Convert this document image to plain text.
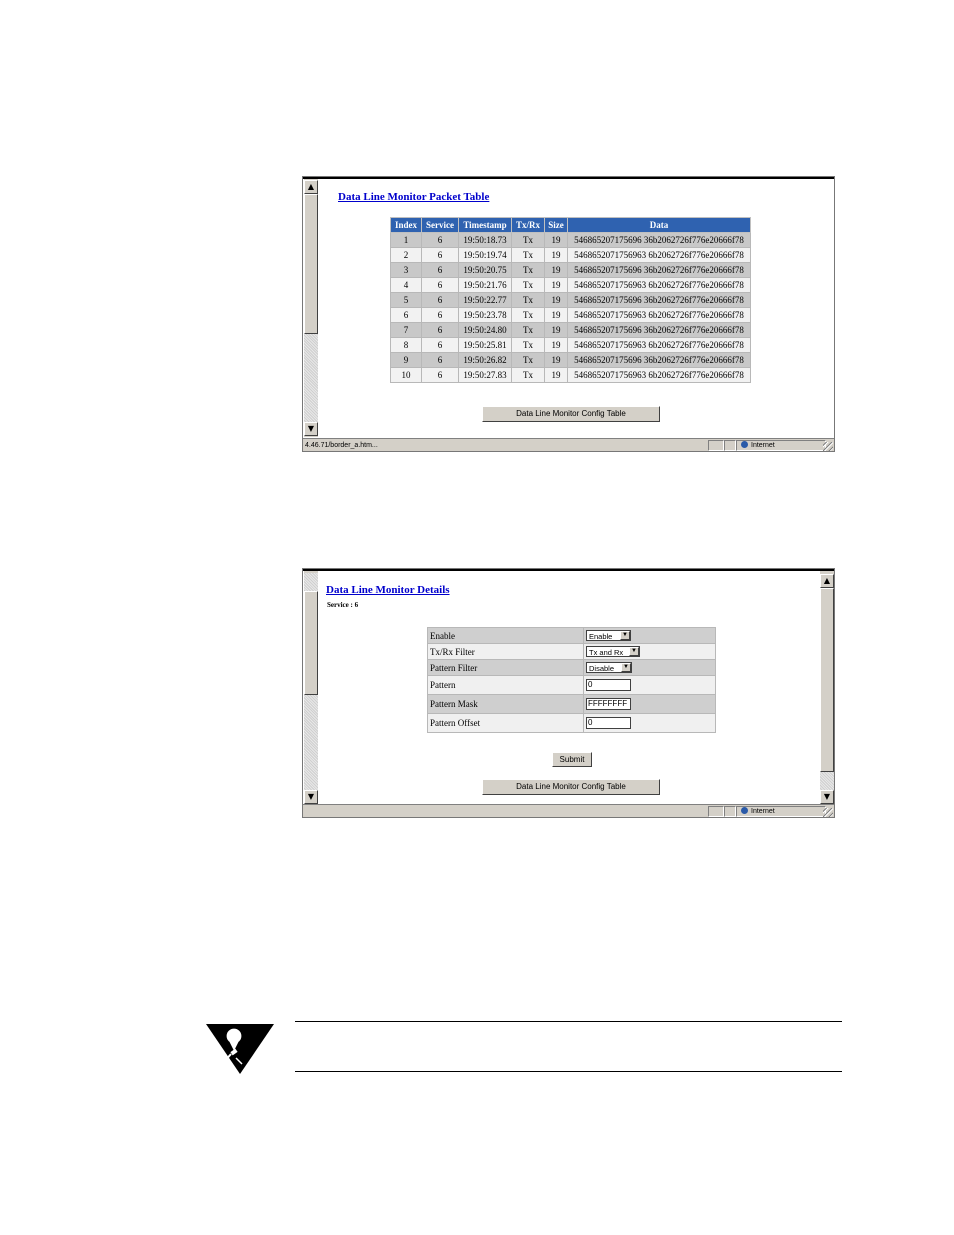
▲
▼
Data Line Monitor Packet Table
Index	Service	Timestamp	Tx/Rx	Size	Data
1	6	19:50:18.73	Tx	19	546865207175696 36b2062726f776e20666f78
2	6	19:50:19.74	Tx	19	5468652071756963 6b2062726f776e20666f78
3	6	19:50:20.75	Tx	19	546865207175696 36b2062726f776e20666f78
4	6	19:50:21.76	Tx	19	5468652071756963 6b2062726f776e20666f78
5	6	19:50:22.77	Tx	19	546865207175696 36b2062726f776e20666f78
6	6	19:50:23.78	Tx	19	5468652071756963 6b2062726f776e20666f78
7	6	19:50:24.80	Tx	19	546865207175696 36b2062726f776e20666f78
8	6	19:50:25.81	Tx	19	5468652071756963 6b2062726f776e20666f78
9	6	19:50:26.82	Tx	19	546865207175696 36b2062726f776e20666f78
10	6	19:50:27.83	Tx	19	5468652071756963 6b2062726f776e20666f78
Data Line Monitor Config Table
4.46.71/border_a.htm...	Internet
▼
▲
▼
Data Line Monitor Details
Service : 6
Enable	Enable ▼

Tx/Rx Filter	Tx and Rx ▼

Pattern Filter	Disable ▼

Pattern	0
Pattern Mask	FFFFFFFF
Pattern Offset	0
Submit
Data Line Monitor Config Table
Internet
